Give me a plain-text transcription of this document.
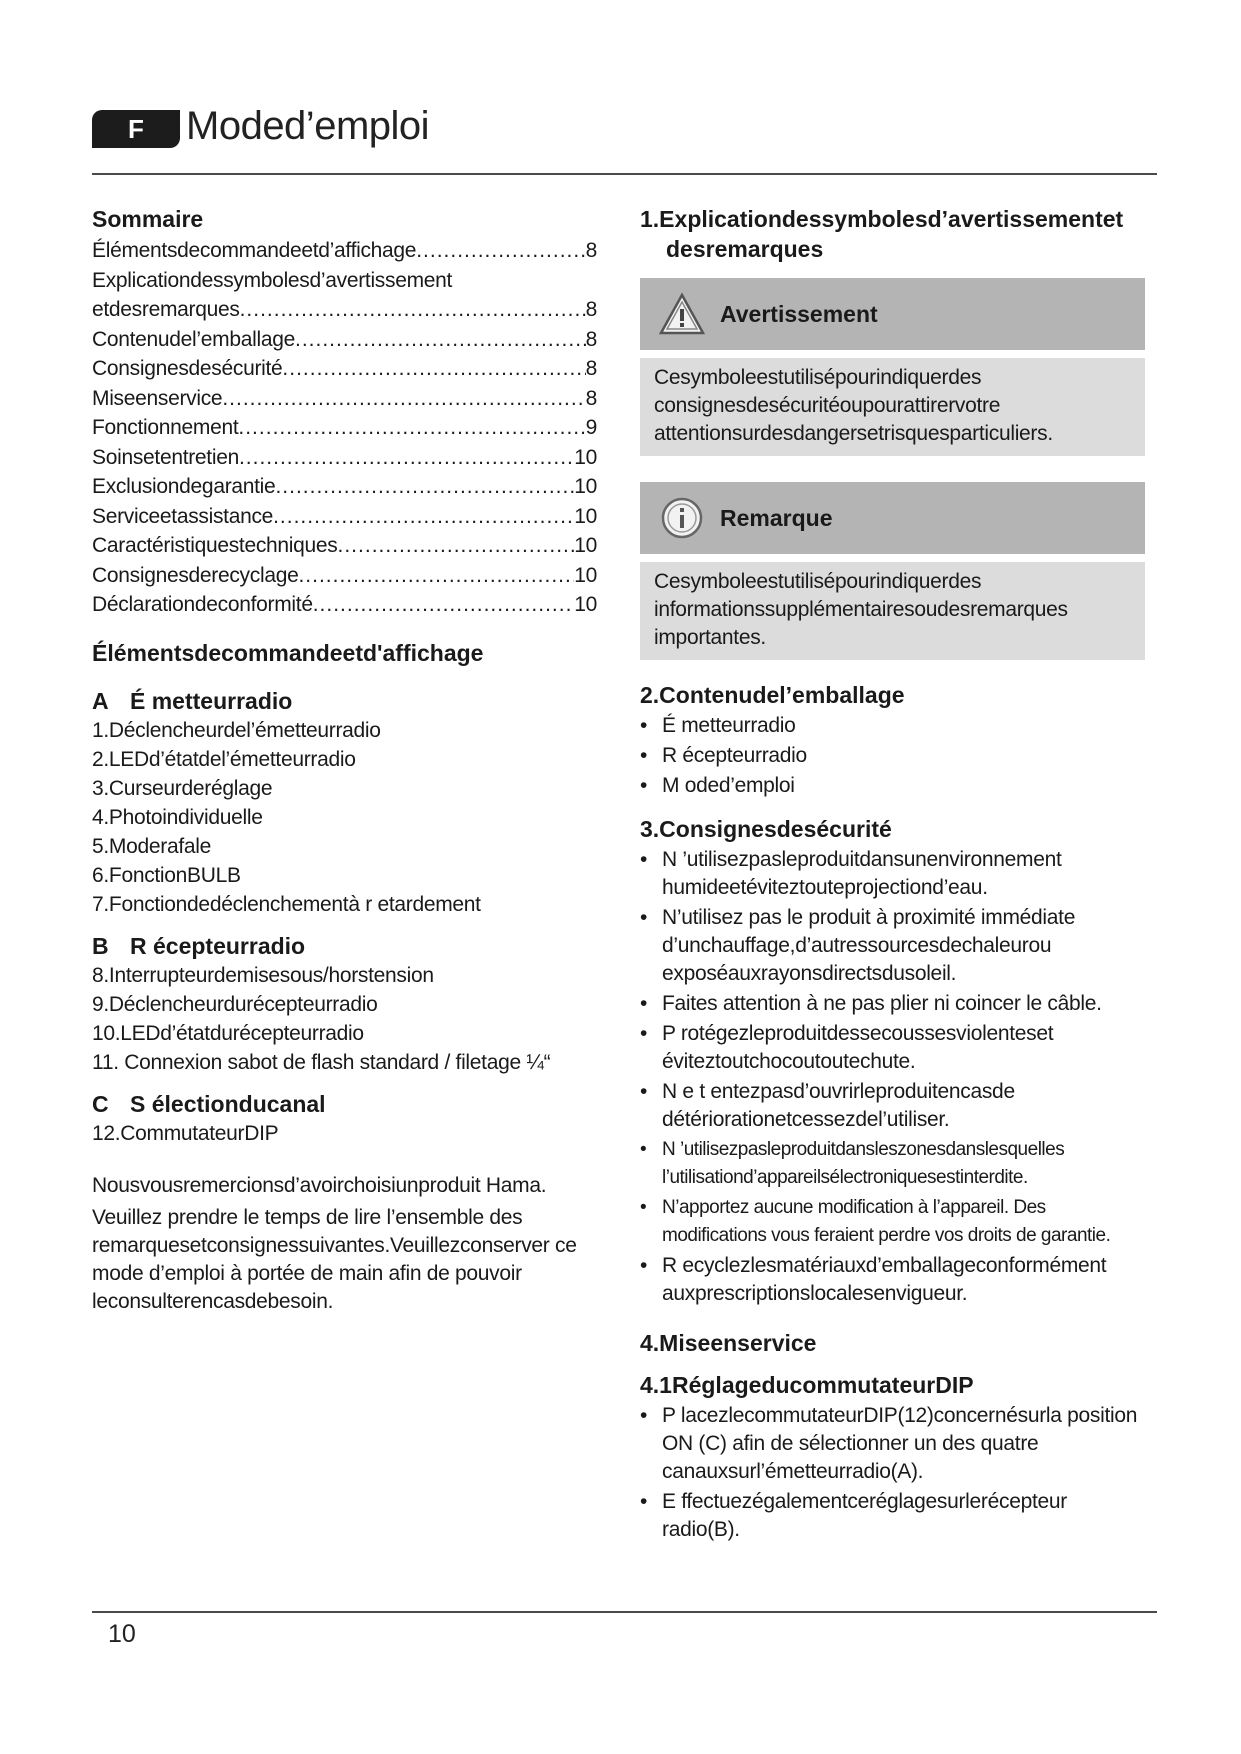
F	Moded’emploi
Sommaire
Élémentsdecommandeetd’affichage .....	8
Explicationdessymbolesd’avertissement
etdesremarques .....	8
Contenudel’emballage .....	8
Consignesdesécurité .....	8
Miseenservice .....	8
Fonctionnement .....	9
Soinsetentretien .....	10
Exclusiondegarantie .....	10
Serviceetassistance .....	10
Caractéristiquestechniques .....	10
Consignesderecyclage .....	10
Déclarationdeconformité .....	10
Élémentsdecommandeetd'affichage
A É metteurradio
1.Déclencheurdel’émetteurradio
2.LEDd’étatdel’émetteurradio
3.Curseurderéglage
4.Photoindividuelle
5.Moderafale
6.FonctionBULB
7.Fonctiondedéclenchementà r etardement
B R écepteurradio
8.Interrupteurdemisesous/horstension
9.Déclencheurdurécepteurradio
10.LEDd’étatdurécepteurradio
11. Connexion sabot de flash standard / filetage ¼“
C S électionducanal
12.CommutateurDIP

Nousvousremercionsd’avoirchoisiunproduit Hama.

Veuillez prendre le temps de lire l’ensemble des remarquesetconsignessuivantes.Veuillezconserver ce mode d’emploi à portée de main afin de pouvoir leconsulterencasdebesoin.

1.Explicationdessymbolesd’avertissementet
desremarques
Avertissement
Cesymboleestutilisépourindiquerdes consignesdesécuritéoupourattirervotre attentionsurdesdangersetrisquesparticuliers.
Remarque
Cesymboleestutilisépourindiquerdes informationssupplémentairesoudesremarques importantes.
2.Contenudel’emballage
• É metteurradio
• R écepteurradio
• M oded’emploi
3.Consignesdesécurité
• N ’utilisezpasleproduitdansunenvironnement humideetéviteztouteprojectiond’eau.
• N’utilisez pas le produit à proximité immédiate d’unchauffage,d’autressourcesdechaleurou exposéauxrayonsdirectsdusoleil.
• Faites attention à ne pas plier ni coincer le câble.
• P rotégezleproduitdessecoussesviolenteset éviteztoutchocoutoutechute.
• N e t entezpasd’ouvrirleproduitencasde détériorationetcessezdel’utiliser.
• N ’utilisezpasleproduitdansleszonesdanslesquelles l’utilisationd’appareilsélectroniquesestinterdite.
• N’apportez aucune modification à l’appareil. Des modifications vous feraient perdre vos droits de garantie.
• R ecyclezlesmatériauxd’emballageconformément auxprescriptionslocalesenvigueur.
4.Miseenservice
4.1RéglageducommutateurDIP
• P lacezlecommutateurDIP(12)concernésurla position ON (C) afin de sélectionner un des quatre canauxsurl’émetteurradio(A).
• E ffectuezégalementceréglagesurlerécepteur radio(B).
10
